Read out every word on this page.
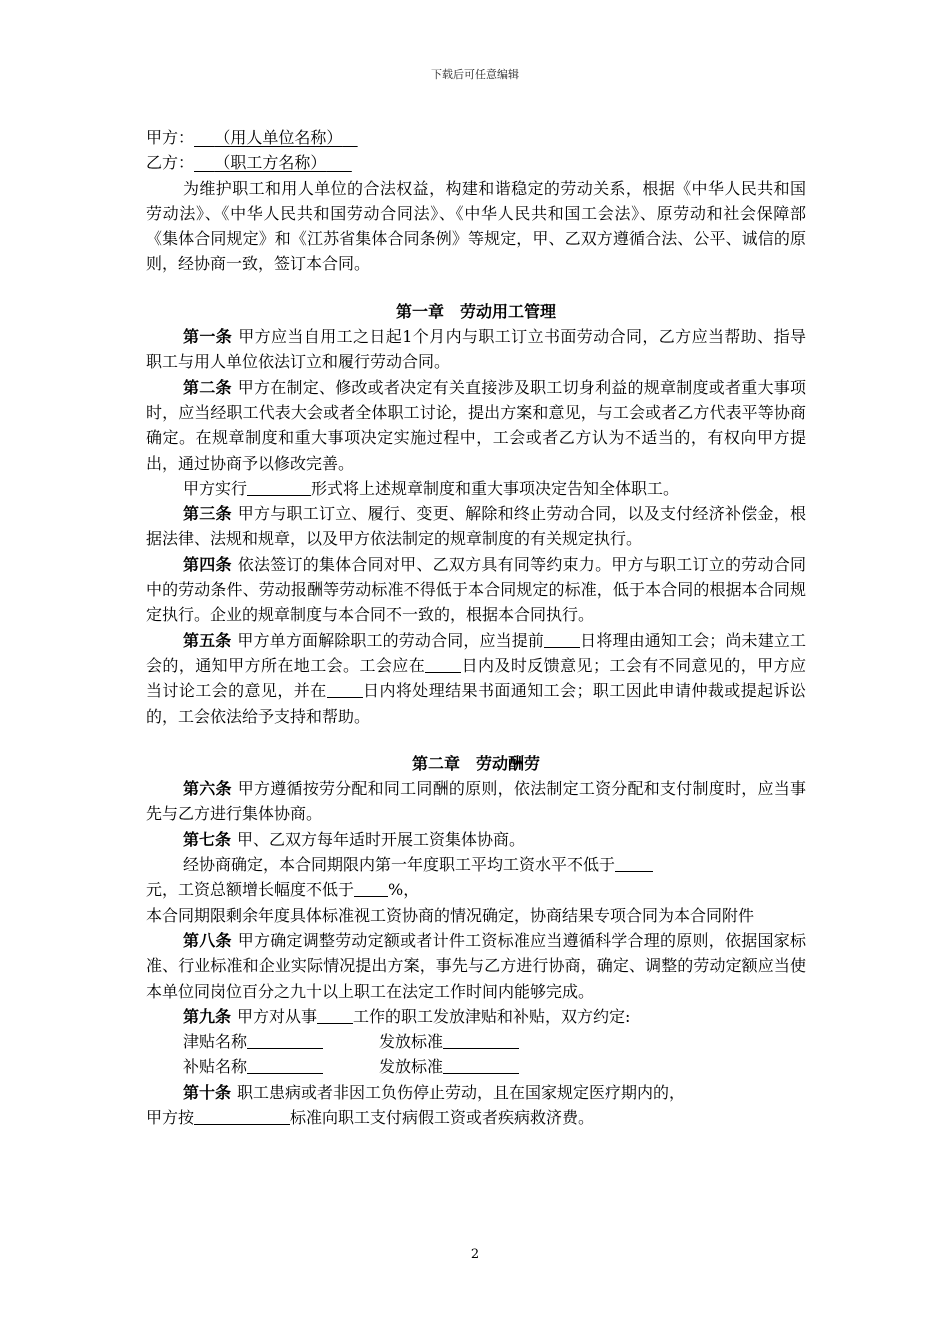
下载后可任意编辑

甲方： （用人单位名称）

乙方： （职工方名称）

为维护职工和用人单位的合法权益，构建和谐稳定的劳动关系，根据《中华人民共和国劳动法》、《中华人民共和国劳动合同法》、《中华人民共和国工会法》、原劳动和社会保障部《集体合同规定》和《江苏省集体合同条例》等规定，甲、乙双方遵循合法、公平、诚信的原则，经协商一致，签订本合同。

第一章　劳动用工管理

第一条 甲方应当自用工之日起1个月内与职工订立书面劳动合同，乙方应当帮助、指导职工与用人单位依法订立和履行劳动合同。

第二条 甲方在制定、修改或者决定有关直接涉及职工切身利益的规章制度或者重大事项时，应当经职工代表大会或者全体职工讨论，提出方案和意见，与工会或者乙方代表平等协商确定。在规章制度和重大事项决定实施过程中，工会或者乙方认为不适当的，有权向甲方提出，通过协商予以修改完善。

甲方实行	形式将上述规章制度和重大事项决定告知全体职工。

第三条 甲方与职工订立、履行、变更、解除和终止劳动合同，以及支付经济补偿金，根据法律、法规和规章，以及甲方依法制定的规章制度的有关规定执行。

第四条 依法签订的集体合同对甲、乙双方具有同等约束力。甲方与职工订立的劳动合同中的劳动条件、劳动报酬等劳动标准不得低于本合同规定的标准，低于本合同的根据本合同规定执行。企业的规章制度与本合同不一致的，根据本合同执行。

第五条 甲方单方面解除职工的劳动合同，应当提前 日将理由通知工会；尚未建立工会的，通知甲方所在地工会。工会应在 日内及时反馈意见；工会有不同意见的，甲方应当讨论工会的意见，并在 日内将处理结果书面通知工会；职工因此申请仲裁或提起诉讼的，工会依法给予支持和帮助。

第二章　劳动酬劳

第六条 甲方遵循按劳分配和同工同酬的原则，依法制定工资分配和支付制度时，应当事先与乙方进行集体协商。

第七条 甲、乙双方每年适时开展工资集体协商。

经协商确定，本合同期限内第一年度职工平均工资水平不低于
元，工资总额增长幅度不低于 %，

本合同期限剩余年度具体标准视工资协商的情况确定，协商结果专项合同为本合同附件

第八条 甲方确定调整劳动定额或者计件工资标准应当遵循科学合理的原则，依据国家标准、行业标准和企业实际情况提出方案，事先与乙方进行协商，确定、调整的劳动定额应当使本单位同岗位百分之九十以上职工在法定工作时间内能够完成。

第九条 甲方对从事 工作的职工发放津贴和补贴，双方约定:

津贴名称	发放标准

补贴名称	发放标准

第十条 职工患病或者非因工负伤停止劳动，且在国家规定医疗期内的，

甲方按	标准向职工支付病假工资或者疾病救济费。

2
